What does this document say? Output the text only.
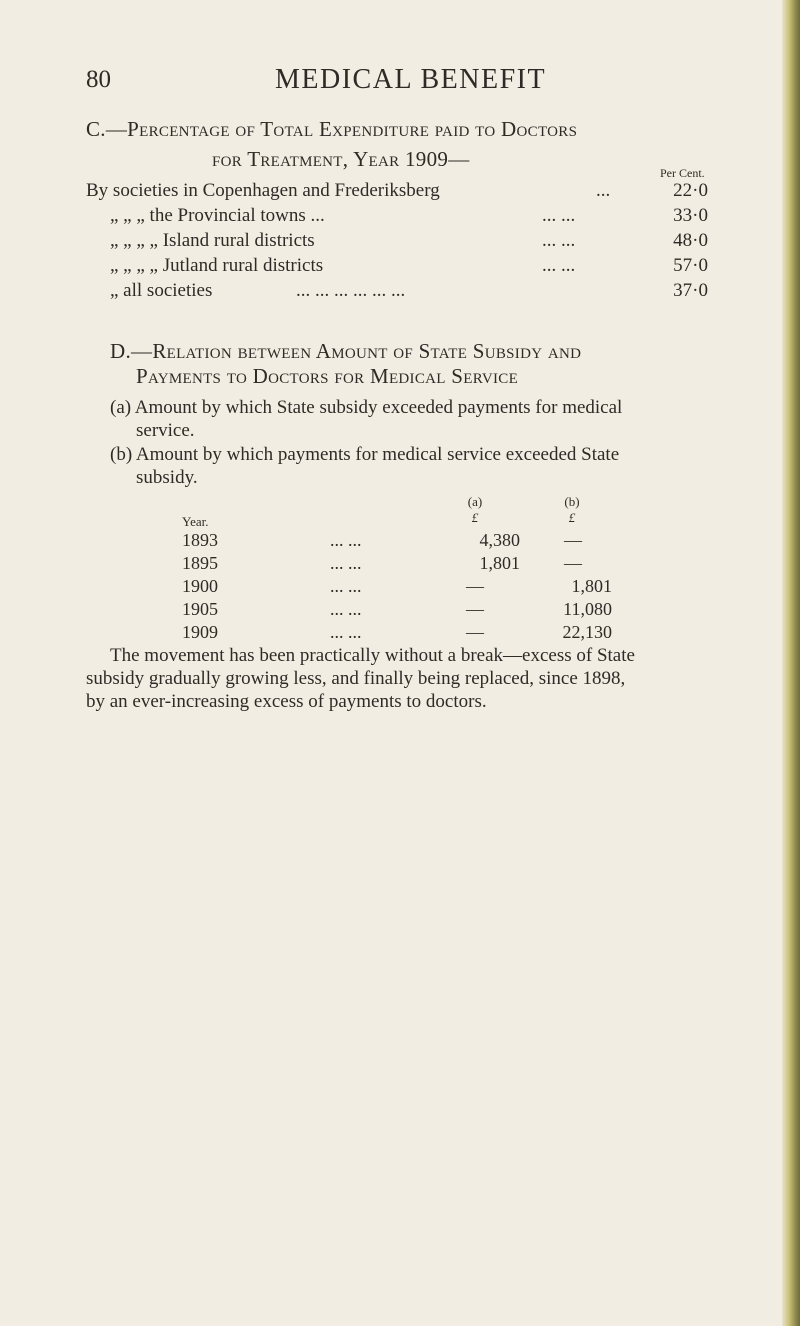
80	MEDICAL BENEFIT
C.—Percentage of Total Expenditure paid to Doctors
for Treatment, Year 1909—
Per Cent.
By societies in Copenhagen and Frederiksberg	...	22·0
„ „ „ the Provincial towns ...	... ...	33·0
„ „ „ „ Island rural districts	... ...	48·0
„ „ „ „ Jutland rural districts	... ...	57·0
„ all societies	... ... ... ... ... ...	37·0
D.—Relation between Amount of State Subsidy and
Payments to Doctors for Medical Service
(a) Amount by which State subsidy exceeded payments for medical
service.
(b) Amount by which payments for medical service exceeded State
subsidy.
(a)	(b)
Year.	£	£
1893	... ...	4,380	—
1895	... ...	1,801	—
1900	... ...	—	1,801
1905	... ...	—	11,080
1909	... ...	—	22,130
The movement has been practically without a break—excess of State
subsidy gradually growing less, and finally being replaced, since 1898,
by an ever-increasing excess of payments to doctors.
